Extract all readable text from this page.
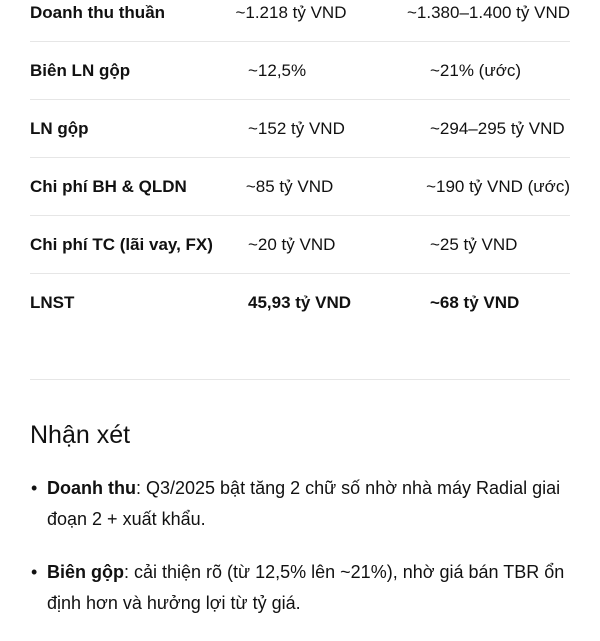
Doanh thu thuần	~1.218 tỷ VND	~1.380–1.400 tỷ VND
Biên LN gộp	~12,5%	~21% (ước)
LN gộp	~152 tỷ VND	~294–295 tỷ VND
Chi phí BH & QLDN	~85 tỷ VND	~190 tỷ VND (ước)
Chi phí TC (lãi vay, FX)	~20 tỷ VND	~25 tỷ VND
LNST	45,93 tỷ VND	~68 tỷ VND
Nhận xét
• Doanh thu: Q3/2025 bật tăng 2 chữ số nhờ nhà máy Radial giai đoạn 2 + xuất khẩu.
• Biên gộp: cải thiện rõ (từ 12,5% lên ~21%), nhờ giá bán TBR ổn định hơn và hưởng lợi từ tỷ giá.
